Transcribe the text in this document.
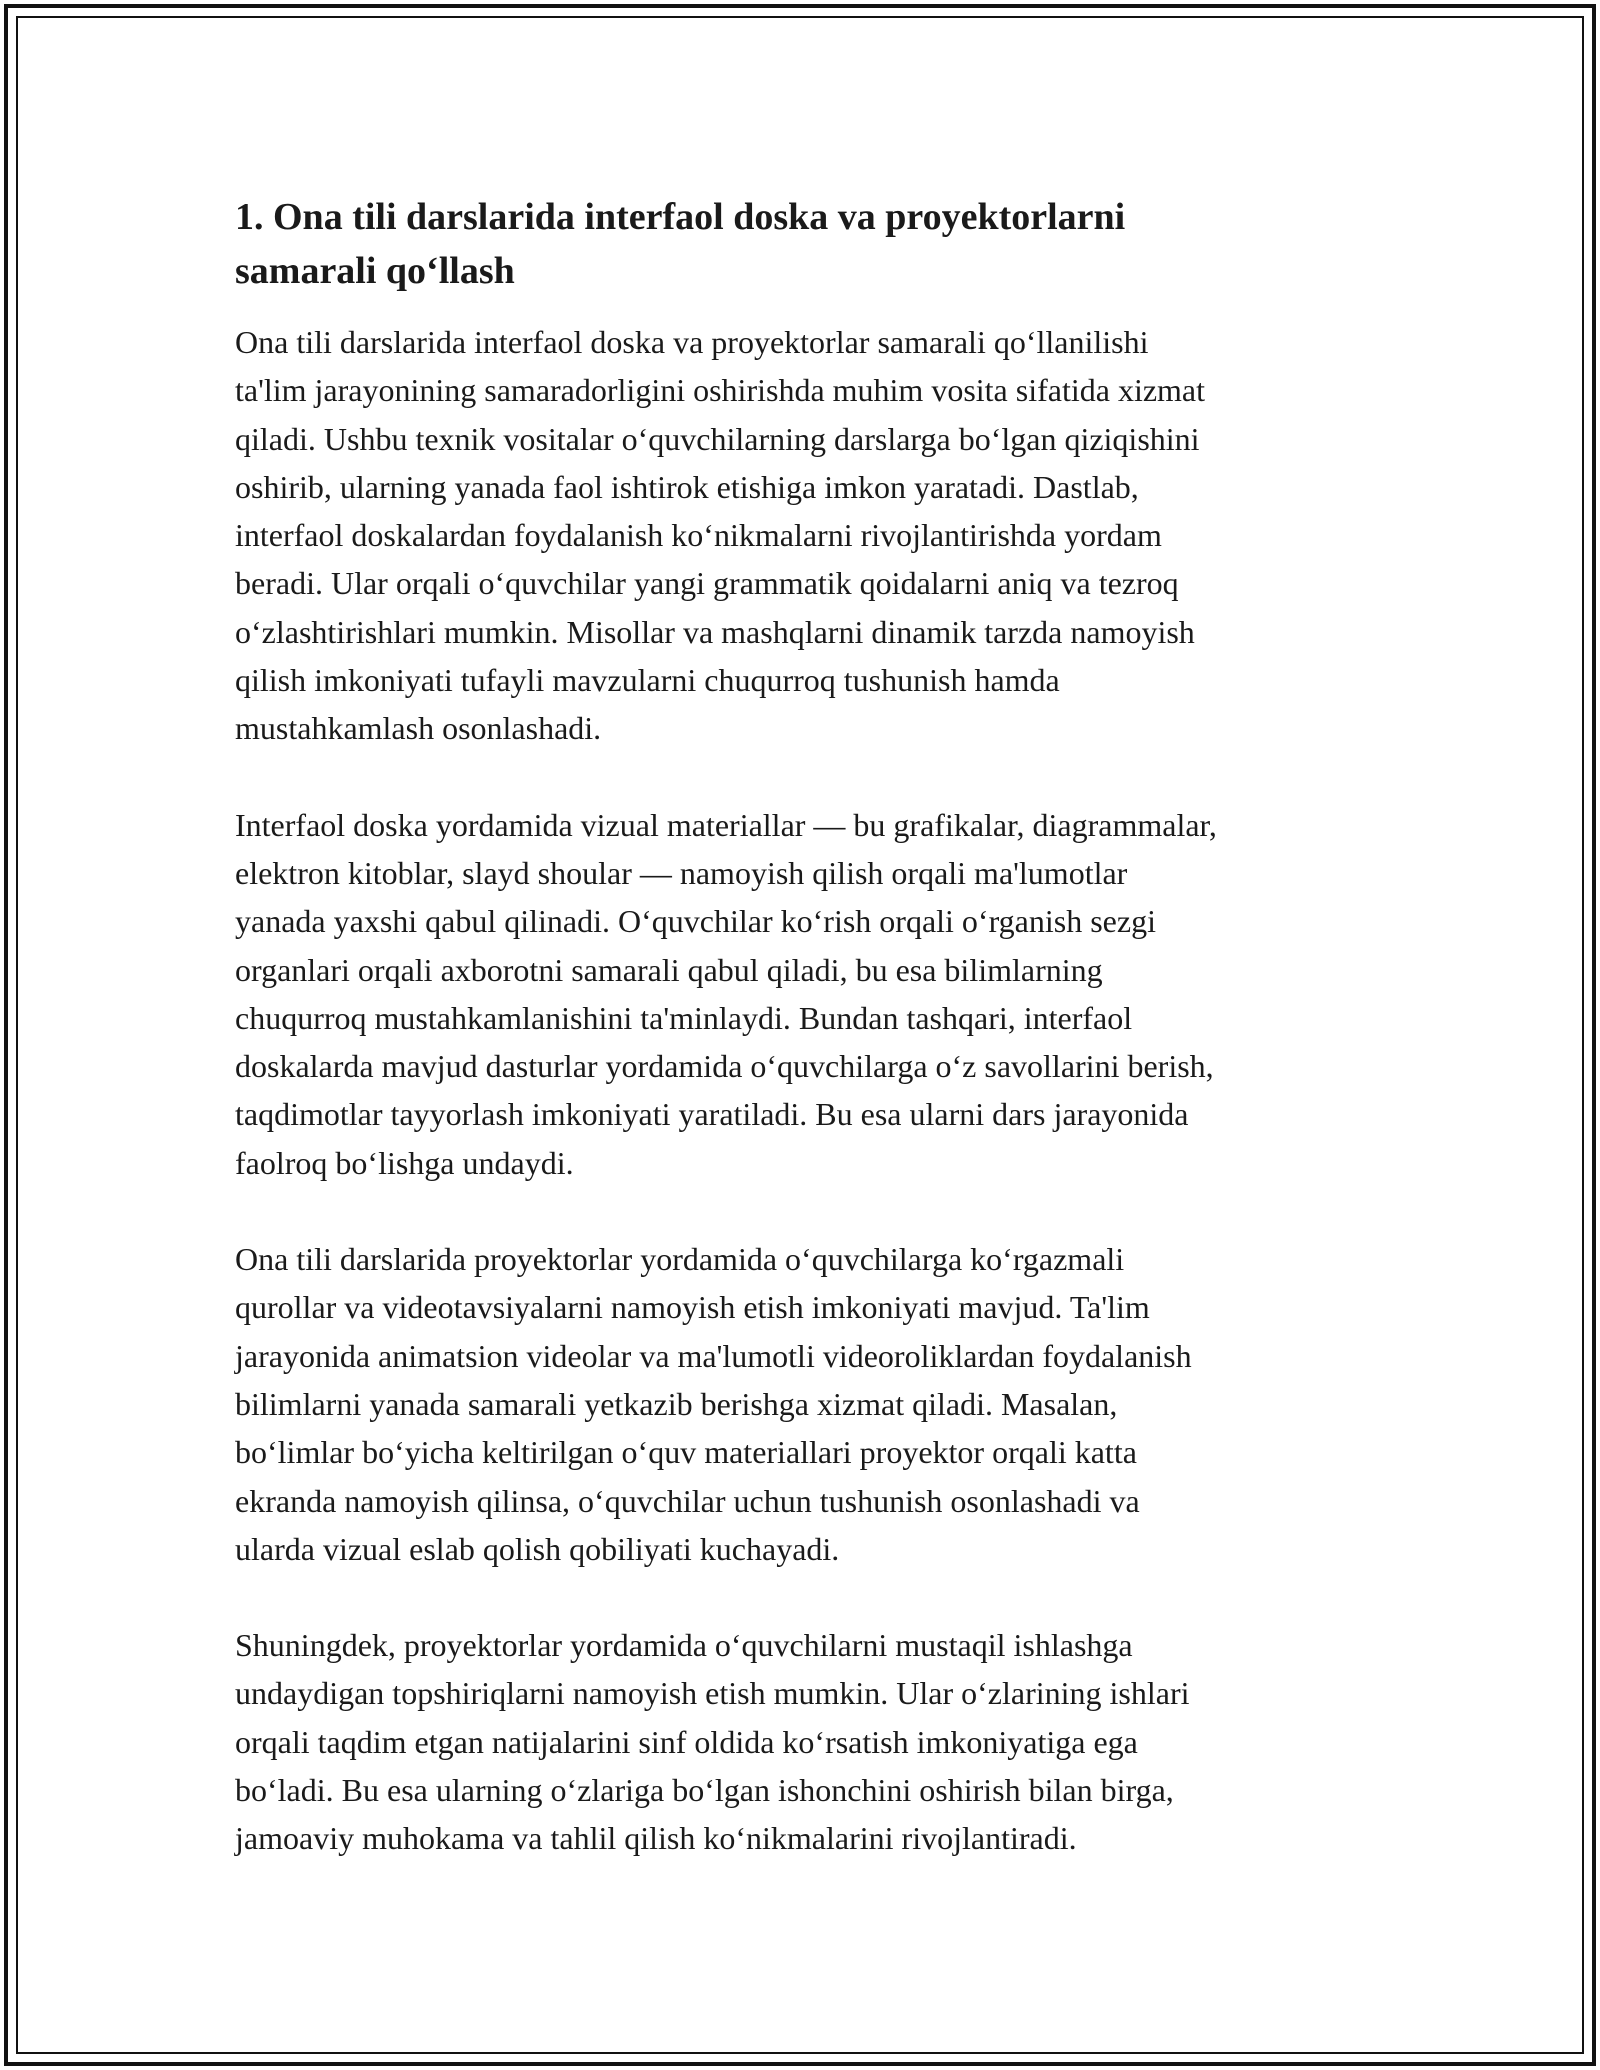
1. Ona tili darslarida interfaol doska va proyektorlarni
samarali qo‘llash

Ona tili darslarida interfaol doska va proyektorlar samarali qo‘llanilishi
ta'lim jarayonining samaradorligini oshirishda muhim vosita sifatida xizmat
qiladi. Ushbu texnik vositalar o‘quvchilarning darslarga bo‘lgan qiziqishini
oshirib, ularning yanada faol ishtirok etishiga imkon yaratadi. Dastlab,
interfaol doskalardan foydalanish ko‘nikmalarni rivojlantirishda yordam
beradi. Ular orqali o‘quvchilar yangi grammatik qoidalarni aniq va tezroq
o‘zlashtirishlari mumkin. Misollar va mashqlarni dinamik tarzda namoyish
qilish imkoniyati tufayli mavzularni chuqurroq tushunish hamda
mustahkamlash osonlashadi.

Interfaol doska yordamida vizual materiallar — bu grafikalar, diagrammalar,
elektron kitoblar, slayd shoular — namoyish qilish orqali ma'lumotlar
yanada yaxshi qabul qilinadi. O‘quvchilar ko‘rish orqali o‘rganish sezgi
organlari orqali axborotni samarali qabul qiladi, bu esa bilimlarning
chuqurroq mustahkamlanishini ta'minlaydi. Bundan tashqari, interfaol
doskalarda mavjud dasturlar yordamida o‘quvchilarga o‘z savollarini berish,
taqdimotlar tayyorlash imkoniyati yaratiladi. Bu esa ularni dars jarayonida
faolroq bo‘lishga undaydi.

Ona tili darslarida proyektorlar yordamida o‘quvchilarga ko‘rgazmali
qurollar va videotavsiyalarni namoyish etish imkoniyati mavjud. Ta'lim
jarayonida animatsion videolar va ma'lumotli videoroliklardan foydalanish
bilimlarni yanada samarali yetkazib berishga xizmat qiladi. Masalan,
bo‘limlar bo‘yicha keltirilgan o‘quv materiallari proyektor orqali katta
ekranda namoyish qilinsa, o‘quvchilar uchun tushunish osonlashadi va
ularda vizual eslab qolish qobiliyati kuchayadi.

Shuningdek, proyektorlar yordamida o‘quvchilarni mustaqil ishlashga
undaydigan topshiriqlarni namoyish etish mumkin. Ular o‘zlarining ishlari
orqali taqdim etgan natijalarini sinf oldida ko‘rsatish imkoniyatiga ega
bo‘ladi. Bu esa ularning o‘zlariga bo‘lgan ishonchini oshirish bilan birga,
jamoaviy muhokama va tahlil qilish ko‘nikmalarini rivojlantiradi.
